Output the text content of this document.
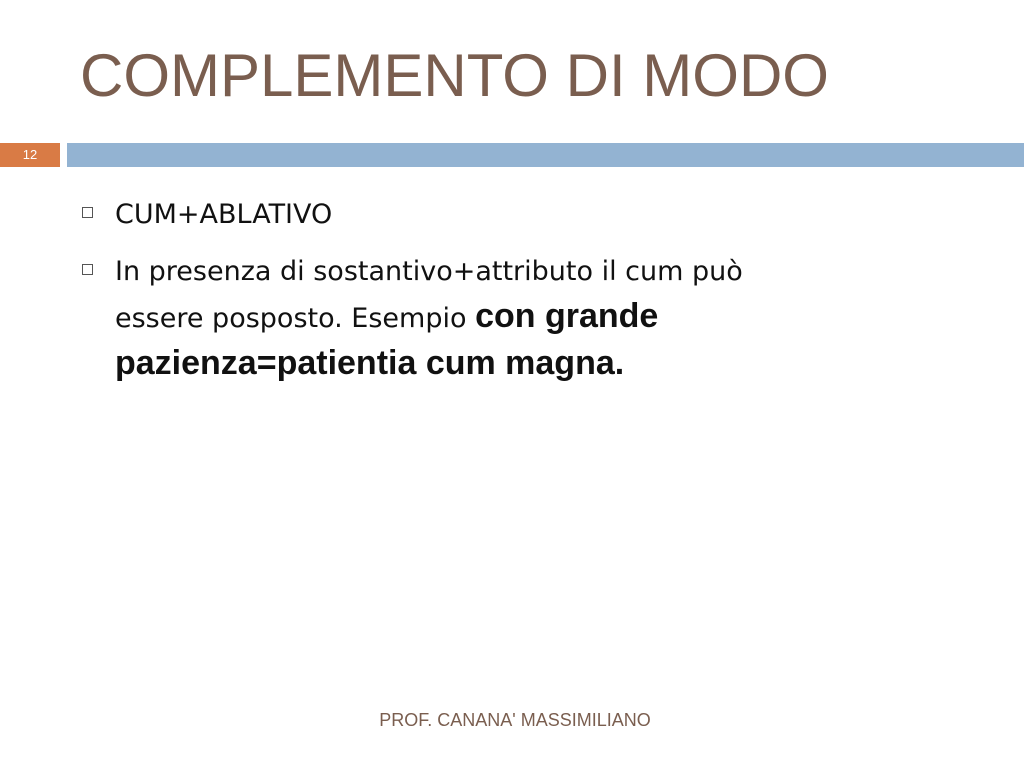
COMPLEMENTO DI MODO
12
CUM+ABLATIVO
In presenza di sostantivo+attributo il cum può essere posposto. Esempio con grande pazienza=patientia cum magna.
PROF. CANANA' MASSIMILIANO
